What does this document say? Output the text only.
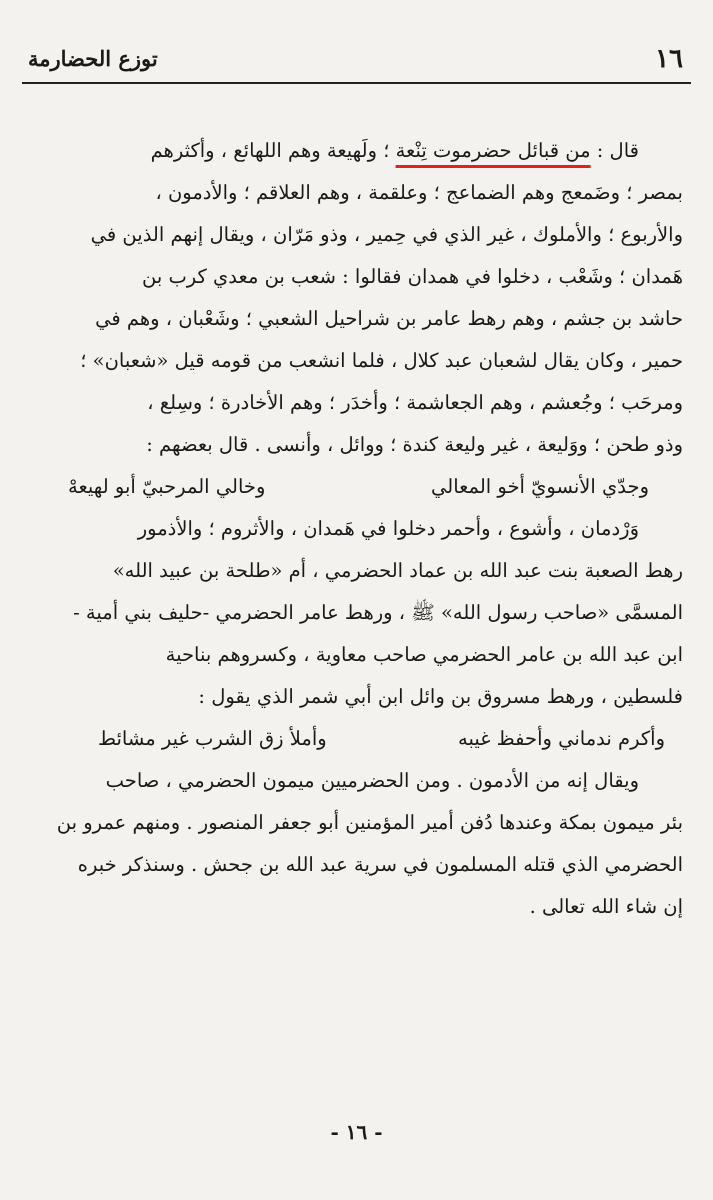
١٦
توزع الحضارمة
قال : من قبائل حضرموت تِنْعة ؛ ولَهيعة وهم اللهائع ، وأكثرهم
بمصر ؛ وضَمعج وهم الضماعج ؛ وعلقمة ، وهم العلاقم ؛ والأدمون ،
والأربوع ؛ والأملوك ، غير الذي في حِمير ، وذو مَرّان ، ويقال إنهم الذين في
هَمدان ؛ وشَعْب ، دخلوا في همدان فقالوا : شعب بن معدي كرب بن
حاشد بن جشم ، وهم رهط عامر بن شراحيل الشعبي ؛ وشَعْبان ، وهم في
حمير ، وكان يقال لشعبان عبد كلال ، فلما انشعب من قومه قيل «شعبان» ؛
ومرحَب ؛ وجُعشم ، وهم الجعاشمة ؛ وأخدَر ؛ وهم الأخادرة ؛ وسِلع ،
وذو طحن ؛ ووَليعة ، غير وليعة كندة ؛ ووائل ، وأنسى . قال بعضهم :
وجدّي الأنسويّ أخو المعالي
وخالي المرحبيّ أبو لهيعهْ
وَرْدمان ، وأشوع ، وأحمر دخلوا في هَمدان ، والأثروم ؛ والأذمور
رهط الصعبة بنت عبد الله بن عماد الحضرمي ، أم «طلحة بن عبيد الله»
المسمَّى «صاحب رسول الله» ﷺ ، ورهط عامر الحضرمي -حليف بني أمية -
ابن عبد الله بن عامر الحضرمي صاحب معاوية ، وكسروهم بناحية
فلسطين ، ورهط مسروق بن وائل ابن أبي شمر الذي يقول :
وأكرم ندماني وأحفظ غيبه
وأملأ زق الشرب غير مشائط
ويقال إنه من الأدمون . ومن الحضرميين ميمون الحضرمي ، صاحب
بئر ميمون بمكة وعندها دُفن أمير المؤمنين أبو جعفر المنصور . ومنهم عمرو بن
الحضرمي الذي قتله المسلمون في سرية عبد الله بن جحش . وسنذكر خبره
إن شاء الله تعالى .
- ١٦ -
